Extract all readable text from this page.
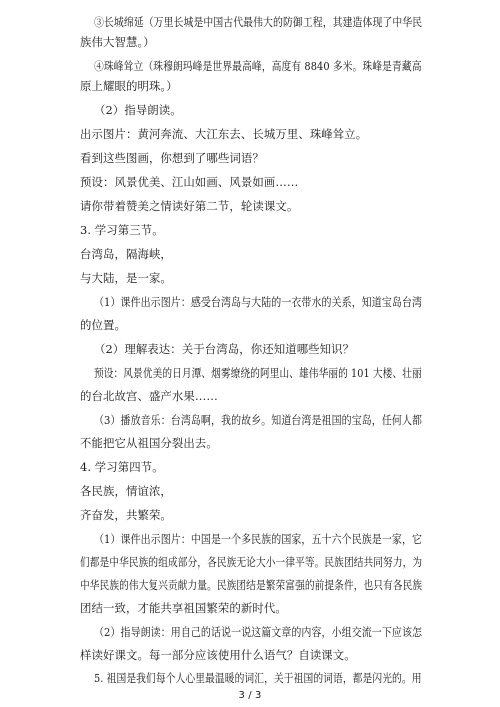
③长城绵延（万里长城是中国古代最伟大的防御工程，其建造体现了中华民
族伟大智慧。）
④珠峰耸立（珠穆朗玛峰是世界最高峰，高度有 8840 多米。珠峰是青藏高
原上耀眼的明珠。）
（2）指导朗读。
出示图片：黄河奔流、大江东去、长城万里、珠峰耸立。
看到这些图画，你想到了哪些词语？
预设：风景优美、江山如画、风景如画……
请你带着赞美之情读好第二节，轮读课文。
3. 学习第三节。
台湾岛，隔海峡，
与大陆，是一家。
（1）课件出示图片：感受台湾岛与大陆的一衣带水的关系，知道宝岛台湾
的位置。
（2）理解表达：关于台湾岛，你还知道哪些知识？
预设：风景优美的日月潭、烟雾缭绕的阿里山、雄伟华丽的 101 大楼、壮丽
的台北故宫、盛产水果……
（3）播放音乐：台湾岛啊，我的故乡。知道台湾是祖国的宝岛，任何人都
不能把它从祖国分裂出去。
4. 学习第四节。
各民族，情谊浓，
齐奋发，共繁荣。
（1）课件出示图片：中国是一个多民族的国家，五十六个民族是一家，它
们都是中华民族的组成部分，各民族无论大小一律平等。民族团结共同努力，为
中华民族的伟大复兴贡献力量。民族团结是繁荣富强的前提条件，也只有各民族
团结一致，才能共享祖国繁荣的新时代。
（2）指导朗读：用自己的话说一说这篇文章的内容，小组交流一下应该怎
样读好课文。每一部分应该使用什么语气？自读课文。
5. 祖国是我们每个人心里最温暖的词汇，关于祖国的词语，都是闪光的。用
3 / 3
